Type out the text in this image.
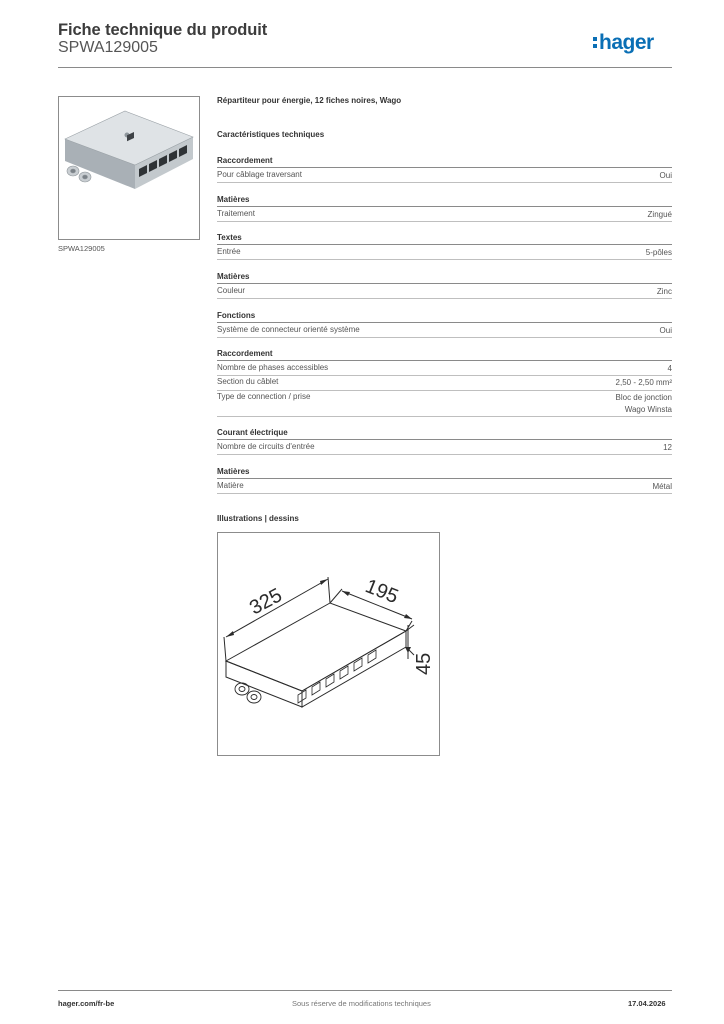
Fiche technique du produit
SPWA129005	hager
SPWA129005
Répartiteur pour énergie, 12 fiches noires, Wago
Caractéristiques techniques
Raccordement
Pour câblage traversant	Oui
Matières
Traitement	Zingué
Textes
Entrée	5-pôles
Matières
Couleur	Zinc
Fonctions
Système de connecteur orienté système	Oui
Raccordement
Nombre de phases accessibles	4
Section du câblet	2,50 - 2,50 mm²
Type de connection / prise	Bloc de jonction
Wago Winsta
Courant électrique
Nombre de circuits d'entrée	12
Matières
Matière	Métal
Illustrations | dessins
325	195
45
hager.com/fr-be	Sous réserve de modifications techniques	17.04.2026
